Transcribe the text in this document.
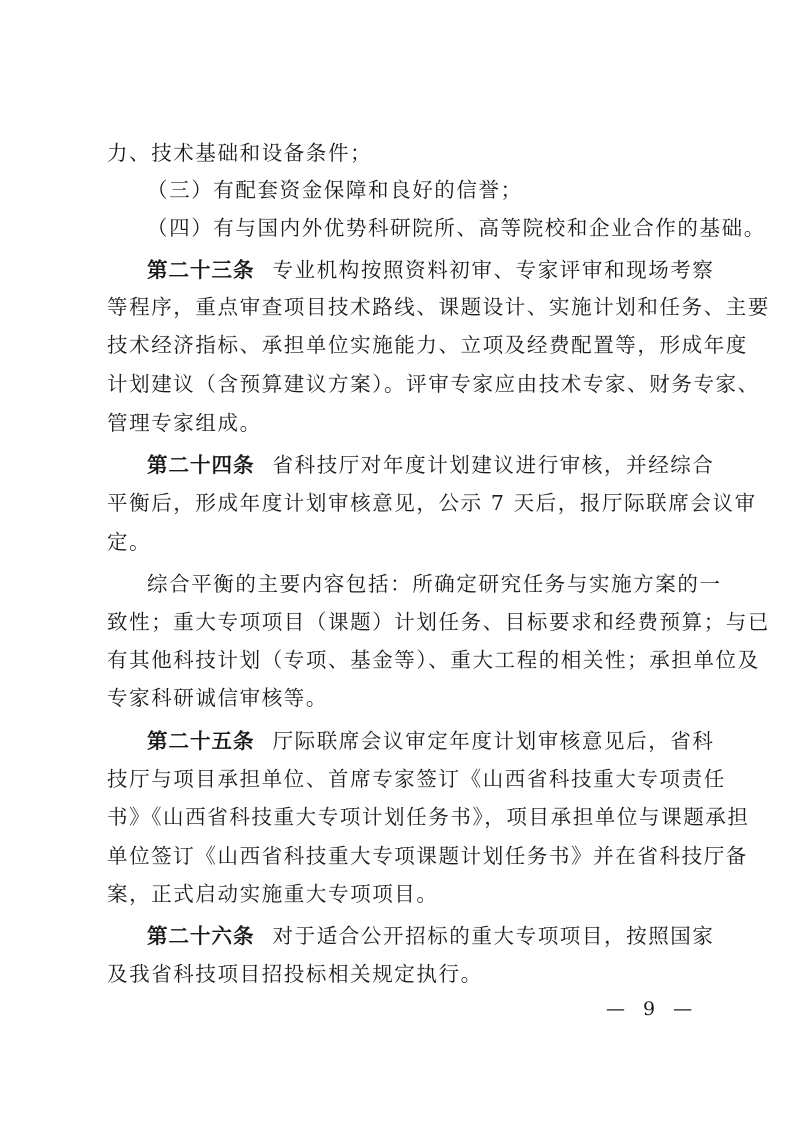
力、技术基础和设备条件；
（三）有配套资金保障和良好的信誉；
（四）有与国内外优势科研院所、高等院校和企业合作的基础。
第二十三条 专业机构按照资料初审、专家评审和现场考察
等程序，重点审查项目技术路线、课题设计、实施计划和任务、主要
技术经济指标、承担单位实施能力、立项及经费配置等，形成年度
计划建议（含预算建议方案）。评审专家应由技术专家、财务专家、
管理专家组成。
第二十四条 省科技厅对年度计划建议进行审核，并经综合
平衡后，形成年度计划审核意见，公示 7 天后，报厅际联席会议审
定。
综合平衡的主要内容包括：所确定研究任务与实施方案的一
致性；重大专项项目（课题）计划任务、目标要求和经费预算；与已
有其他科技计划（专项、基金等）、重大工程的相关性；承担单位及
专家科研诚信审核等。
第二十五条 厅际联席会议审定年度计划审核意见后，省科
技厅与项目承担单位、首席专家签订《山西省科技重大专项责任
书》《山西省科技重大专项计划任务书》，项目承担单位与课题承担
单位签订《山西省科技重大专项课题计划任务书》并在省科技厅备
案，正式启动实施重大专项项目。
第二十六条 对于适合公开招标的重大专项项目，按照国家
及我省科技项目招投标相关规定执行。
— 9 —
